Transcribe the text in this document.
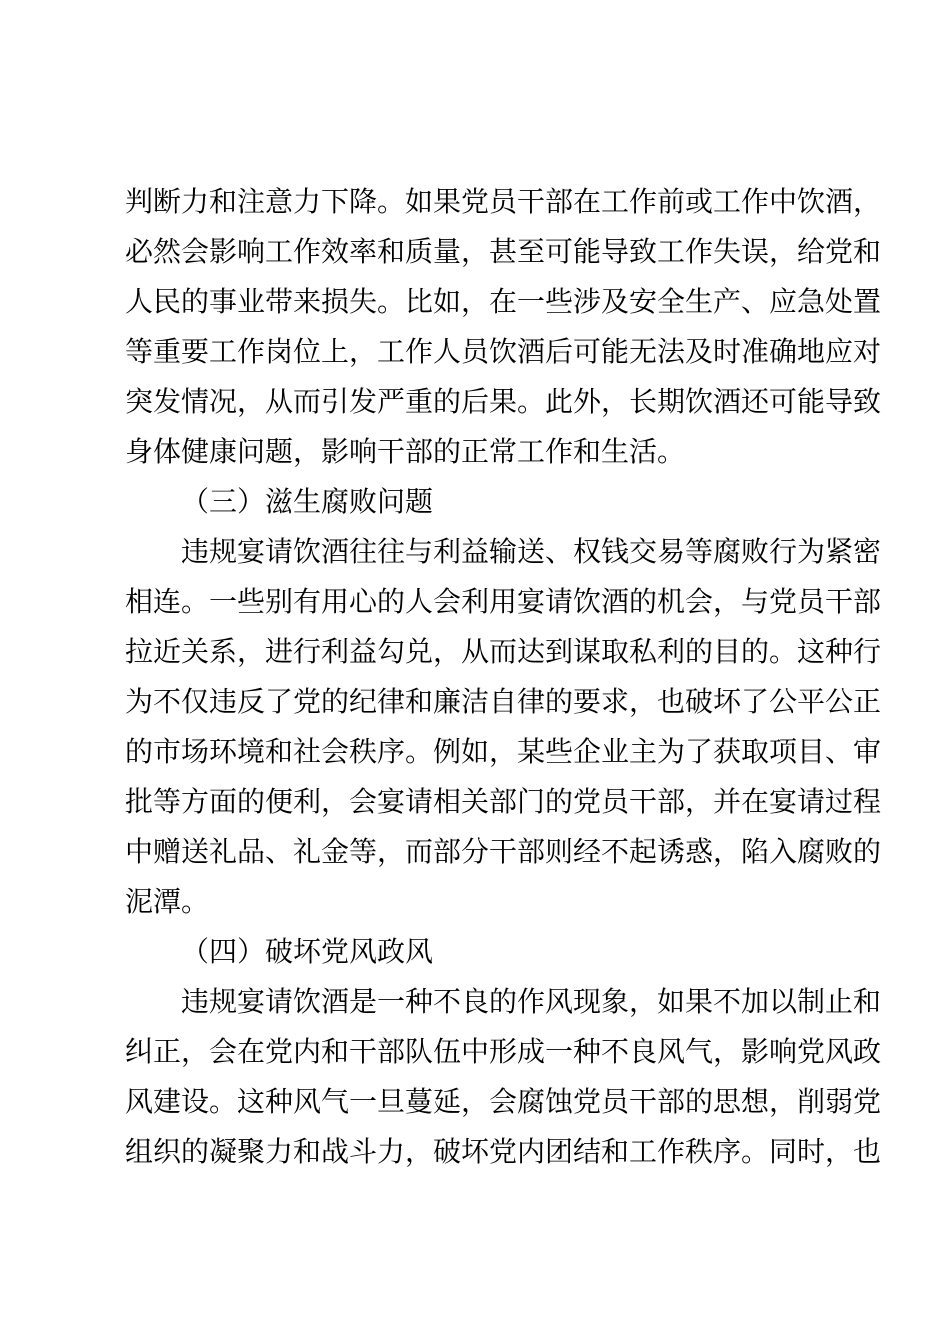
判断力和注意力下降。如果党员干部在工作前或工作中饮酒，
必然会影响工作效率和质量，甚至可能导致工作失误，给党和
人民的事业带来损失。比如，在一些涉及安全生产、应急处置
等重要工作岗位上，工作人员饮酒后可能无法及时准确地应对
突发情况，从而引发严重的后果。此外，长期饮酒还可能导致
身体健康问题，影响干部的正常工作和生活。
（三）滋生腐败问题
违规宴请饮酒往往与利益输送、权钱交易等腐败行为紧密
相连。一些别有用心的人会利用宴请饮酒的机会，与党员干部
拉近关系，进行利益勾兑，从而达到谋取私利的目的。这种行
为不仅违反了党的纪律和廉洁自律的要求，也破坏了公平公正
的市场环境和社会秩序。例如，某些企业主为了获取项目、审
批等方面的便利，会宴请相关部门的党员干部，并在宴请过程
中赠送礼品、礼金等，而部分干部则经不起诱惑，陷入腐败的
泥潭。
（四）破坏党风政风
违规宴请饮酒是一种不良的作风现象，如果不加以制止和
纠正，会在党内和干部队伍中形成一种不良风气，影响党风政
风建设。这种风气一旦蔓延，会腐蚀党员干部的思想，削弱党
组织的凝聚力和战斗力，破坏党内团结和工作秩序。同时，也
